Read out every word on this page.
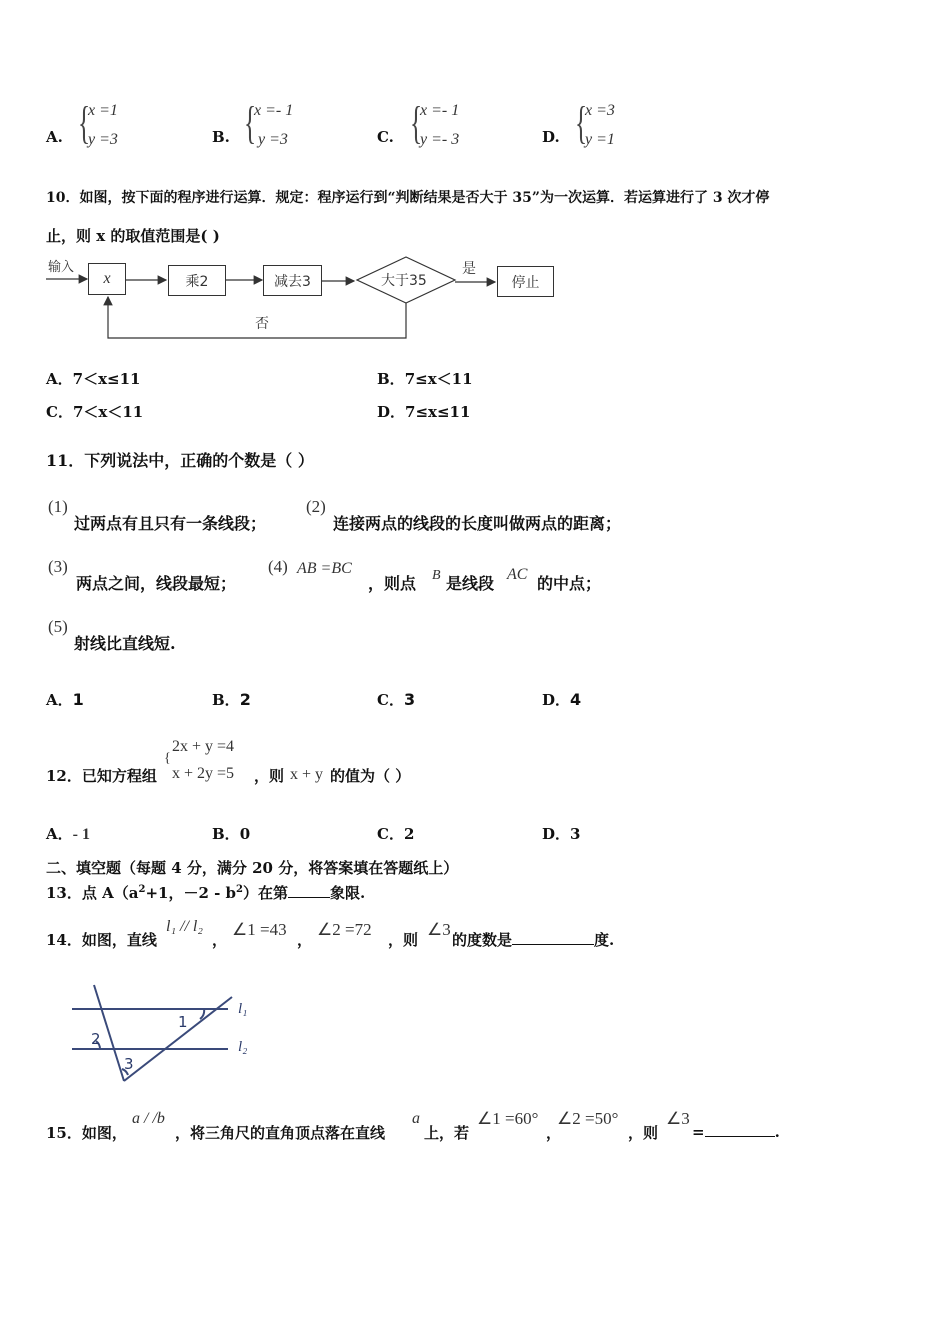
A. {
x =1
y =3	B. {
x =- 1
y =3	C. {
x =- 1
y =- 3	D. {
x =3
y =1
10．如图，按下面的程序进行运算．规定：程序运行到“判断结果是否大于 35”为一次运算．若运算进行了 3 次才停
止，则 x 的取值范围是( )
输入
x	乘2	减去3	大于35
是
否
停止
A．7＜x≤11	B．7≤x＜11
C．7＜x＜11	D．7≤x≤11
11．下列说法中，正确的个数是（ ）
(1)
过两点有且只有一条线段；
(2)
连接两点的线段的长度叫做两点的距离；
(3)
两点之间，线段最短；
(4) AB =BC
，则点 B 是线段 AC 的中点；
(5)
射线比直线短.
A．1	B．2	C．3	D．4
2x + y =4
{
x + 2y =5
12．已知方程组	，则 x + y 的值为（ ）
A．- 1	B．0	C．2	D．3
二、填空题（每题 4 分，满分 20 分，将答案填在答题纸上）
13．点 $A(a^2+1$，$-2 - b^2$）在第	象限.
14．如图，直线
l₁ // l₂
，
∠1 =43
，
∠2 =72
，则
∠3
的度数是	度.
1
2
3
l₁
l₂
15．如图，
a / /b
，将三角尺的直角顶点落在直线
a
上，若
∠1 =60°
，
∠2 =50°
，则
∠3
=	.
